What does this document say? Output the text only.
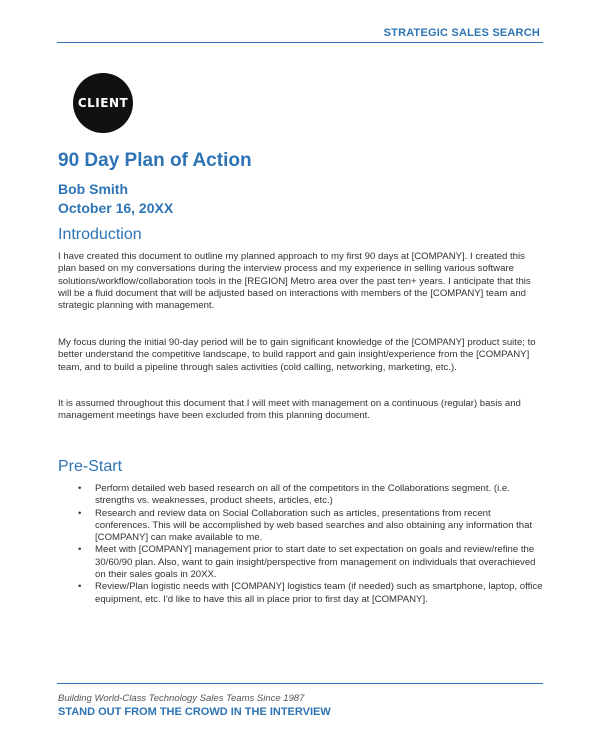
STRATEGIC SALES SEARCH
CLIENT
90 Day Plan of Action
Bob Smith
October 16, 20XX
Introduction

I have created this document to outline my planned approach to my first 90 days at [COMPANY]. I created this plan based on my conversations during the interview process and my experience in selling various software solutions/workflow/collaboration tools in the [REGION] Metro area over the past ten+ years. I anticipate that this will be a fluid document that will be adjusted based on interactions with members of the [COMPANY] team and strategic planning with management.

My focus during the initial 90-day period will be to gain significant knowledge of the [COMPANY] product suite; to better understand the competitive landscape, to build rapport and gain insight/experience from the [COMPANY] team, and to build a pipeline through sales activities (cold calling, networking, marketing, etc.).

It is assumed throughout this document that I will meet with management on a continuous (regular) basis and management meetings have been excluded from this planning document.

Pre-Start
• Perform detailed web based research on all of the competitors in the Collaborations segment. (i.e. strengths vs. weaknesses, product sheets, articles, etc.)
• Research and review data on Social Collaboration such as articles, presentations from recent conferences. This will be accomplished by web based searches and also obtaining any information that [COMPANY] can make available to me.
• Meet with [COMPANY] management prior to start date to set expectation on goals and review/refine the 30/60/90 plan. Also, want to gain insight/perspective from management on individuals that overachieved on their sales goals in 20XX.
• Review/Plan logistic needs with [COMPANY] logistics team (if needed) such as smartphone, laptop, office equipment, etc. I'd like to have this all in place prior to first day at [COMPANY].
Building World-Class Technology Sales Teams Since 1987
STAND OUT FROM THE CROWD IN THE INTERVIEW
